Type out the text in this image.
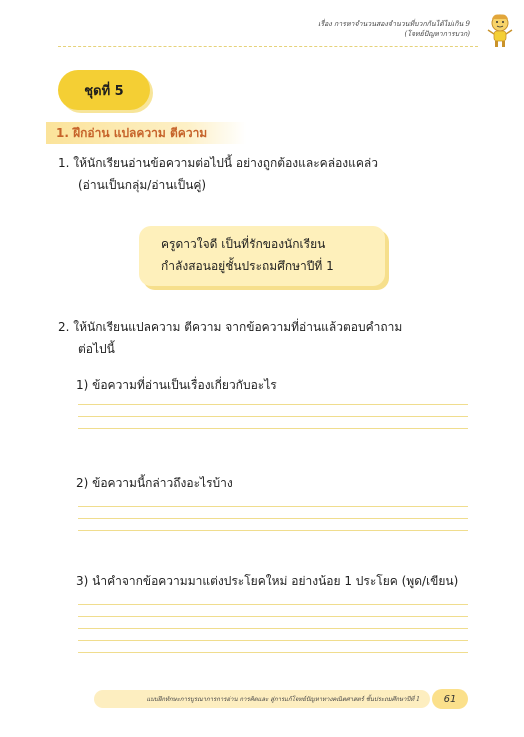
เรื่อง การหาจำนวนสองจำนวนที่บวกกันได้ไม่เกิน 9
(โจทย์ปัญหาการบวก)
ชุดที่ 5
1. ฝึกอ่าน แปลความ ตีความ
1. ให้นักเรียนอ่านข้อความต่อไปนี้ อย่างถูกต้องและคล่องแคล่ว
(อ่านเป็นกลุ่ม/อ่านเป็นคู่)
ครูดาวใจดี เป็นที่รักของนักเรียน
กำลังสอนอยู่ชั้นประถมศึกษาปีที่ 1
2. ให้นักเรียนแปลความ ตีความ จากข้อความที่อ่านแล้วตอบคำถาม
ต่อไปนี้
1) ข้อความที่อ่านเป็นเรื่องเกี่ยวกับอะไร
2) ข้อความนี้กล่าวถึงอะไรบ้าง
3) นำคำจากข้อความมาแต่งประโยคใหม่ อย่างน้อย 1 ประโยค (พูด/เขียน)
แบบฝึกทักษะการบูรณาการการอ่าน การคิดและ สู่การแก้โจทย์ปัญหาทางคณิตศาสตร์ ชั้นประถมศึกษาปีที่ 1	61
